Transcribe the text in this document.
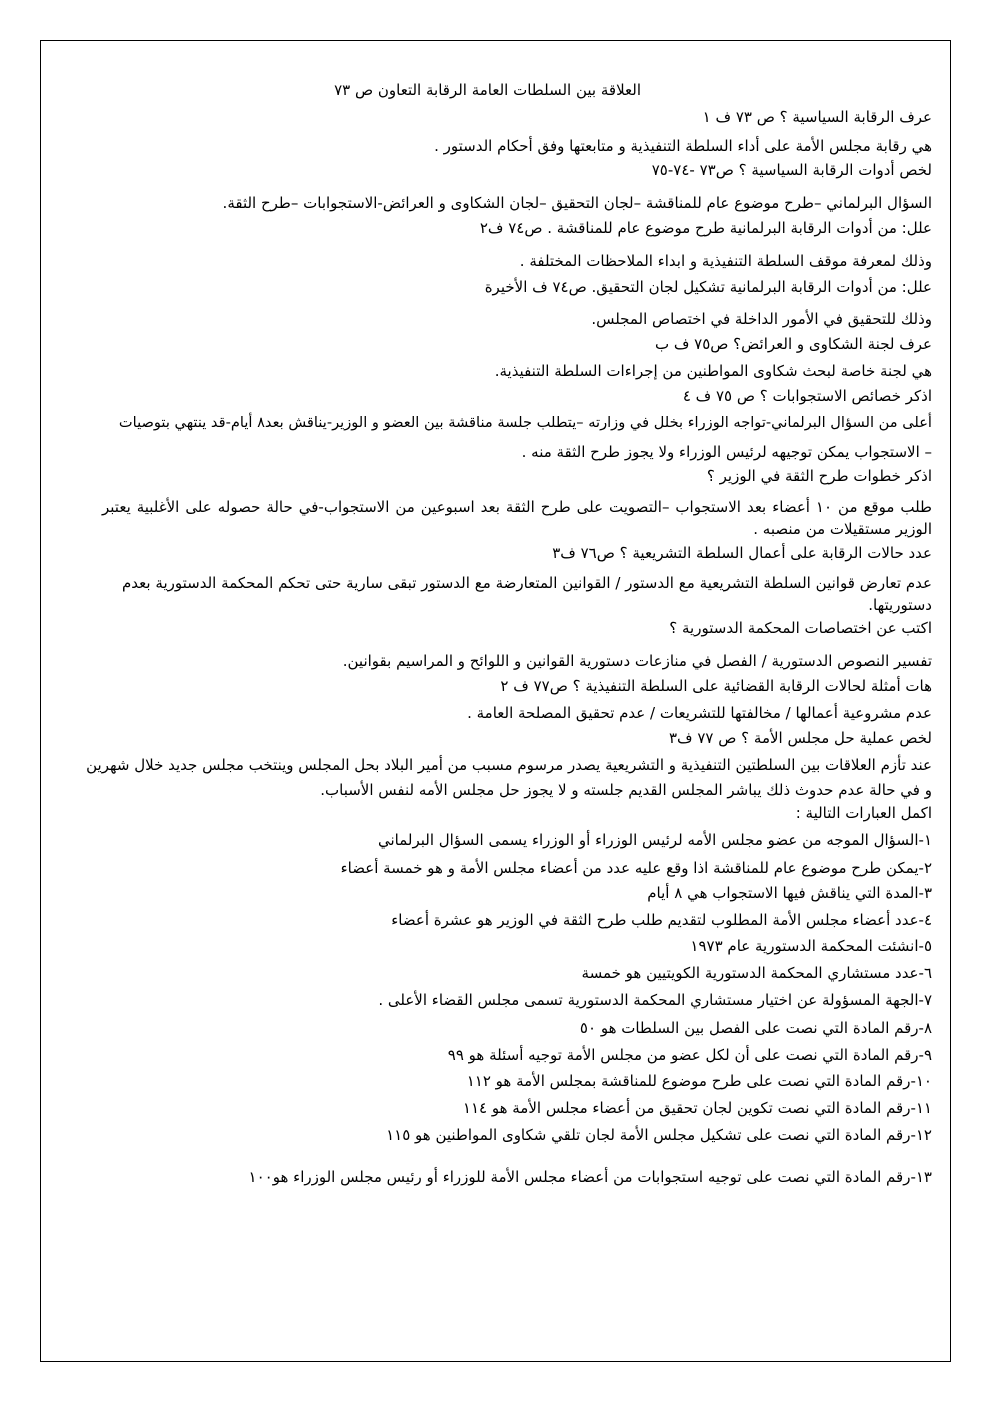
العلاقة بين السلطات العامة الرقابة التعاون ص ٧٣
عرف الرقابة السياسية ؟ ص ٧٣ ف ١
هي رقابة مجلس الأمة على أداء السلطة التنفيذية و متابعتها وفق أحكام الدستور .
لخص أدوات الرقابة السياسية ؟ ص٧٣ -٧٤-٧٥
السؤال البرلماني –طرح موضوع عام للمناقشة –لجان التحقيق –لجان الشكاوى و العرائض-الاستجوابات –طرح الثقة.
علل: من أدوات الرقابة البرلمانية طرح موضوع عام للمناقشة . ص٧٤ ف٢
وذلك لمعرفة موقف السلطة التنفيذية و ابداء الملاحظات المختلفة .
علل: من أدوات الرقابة البرلمانية تشكيل لجان التحقيق. ص٧٤ ف الأخيرة
وذلك للتحقيق في الأمور الداخلة في اختصاص المجلس.
عرف لجنة الشكاوى و العرائض؟ ص٧٥ ف ب
هي لجنة خاصة لبحث شكاوى المواطنين من إجراءات السلطة التنفيذية.
اذكر خصائص الاستجوابات ؟ ص ٧٥ ف ٤
أعلى من السؤال البرلماني-تواجه الوزراء بخلل في وزارته –يتطلب جلسة مناقشة بين العضو و الوزير-يناقش بعد٨ أيام-قد ينتهي بتوصيات
– الاستجواب يمكن توجيهه لرئيس الوزراء ولا يجوز طرح الثقة منه .
اذكر خطوات طرح الثقة في الوزير ؟
طلب موقع من ١٠ أعضاء بعد الاستجواب –التصويت على طرح الثقة بعد اسبوعين من الاستجواب-في حالة حصوله على الأغلبية يعتبر الوزير مستقيلات من منصبه .
عدد حالات الرقابة على أعمال السلطة التشريعية ؟ ص٧٦ ف٣
عدم تعارض قوانين السلطة التشريعية مع الدستور / القوانين المتعارضة مع الدستور تبقى سارية حتى تحكم المحكمة الدستورية بعدم دستوريتها.
اكتب عن اختصاصات المحكمة الدستورية ؟
تفسير النصوص الدستورية / الفصل في منازعات دستورية القوانين و اللوائح و المراسيم بقوانين.
هات أمثلة لحالات الرقابة القضائية على السلطة التنفيذية ؟ ص٧٧ ف ٢
عدم مشروعية أعمالها / مخالفتها للتشريعات / عدم تحقيق المصلحة العامة .
لخص عملية حل مجلس الأمة ؟ ص ٧٧ ف٣
عند تأزم العلاقات بين السلطتين التنفيذية و التشريعية يصدر مرسوم مسبب من أمير البلاد بحل المجلس وينتخب مجلس جديد خلال شهرين
و في حالة عدم حدوث ذلك يباشر المجلس القديم جلسته و لا يجوز حل مجلس الأمه لنفس الأسباب.
اكمل العبارات التالية :
١-السؤال الموجه من عضو مجلس الأمه لرئيس الوزراء أو الوزراء يسمى السؤال البرلماني
٢-يمكن طرح موضوع عام للمناقشة اذا وقع عليه عدد من أعضاء مجلس الأمة و هو خمسة أعضاء
٣-المدة التي يناقش فيها الاستجواب هي ٨ أيام
٤-عدد أعضاء مجلس الأمة المطلوب لتقديم طلب طرح الثقة في الوزير هو عشرة أعضاء
٥-انشئت المحكمة الدستورية عام ١٩٧٣
٦-عدد مستشاري المحكمة الدستورية الكويتيين هو خمسة
٧-الجهة المسؤولة عن اختيار مستشاري المحكمة الدستورية تسمى مجلس القضاء الأعلى .
٨-رقم المادة التي نصت على الفصل بين السلطات هو ٥٠
٩-رقم المادة التي نصت على أن لكل عضو من مجلس الأمة توجيه أسئلة هو ٩٩
١٠-رقم المادة التي نصت على طرح موضوع للمناقشة بمجلس الأمة هو ١١٢
١١-رقم المادة التي نصت تكوين لجان تحقيق من أعضاء مجلس الأمة هو ١١٤
١٢-رقم المادة التي نصت على تشكيل مجلس الأمة لجان تلقي شكاوى المواطنين هو ١١٥
١٣-رقم المادة التي نصت على توجيه استجوابات من أعضاء مجلس الأمة للوزراء أو رئيس مجلس الوزراء هو١٠٠
